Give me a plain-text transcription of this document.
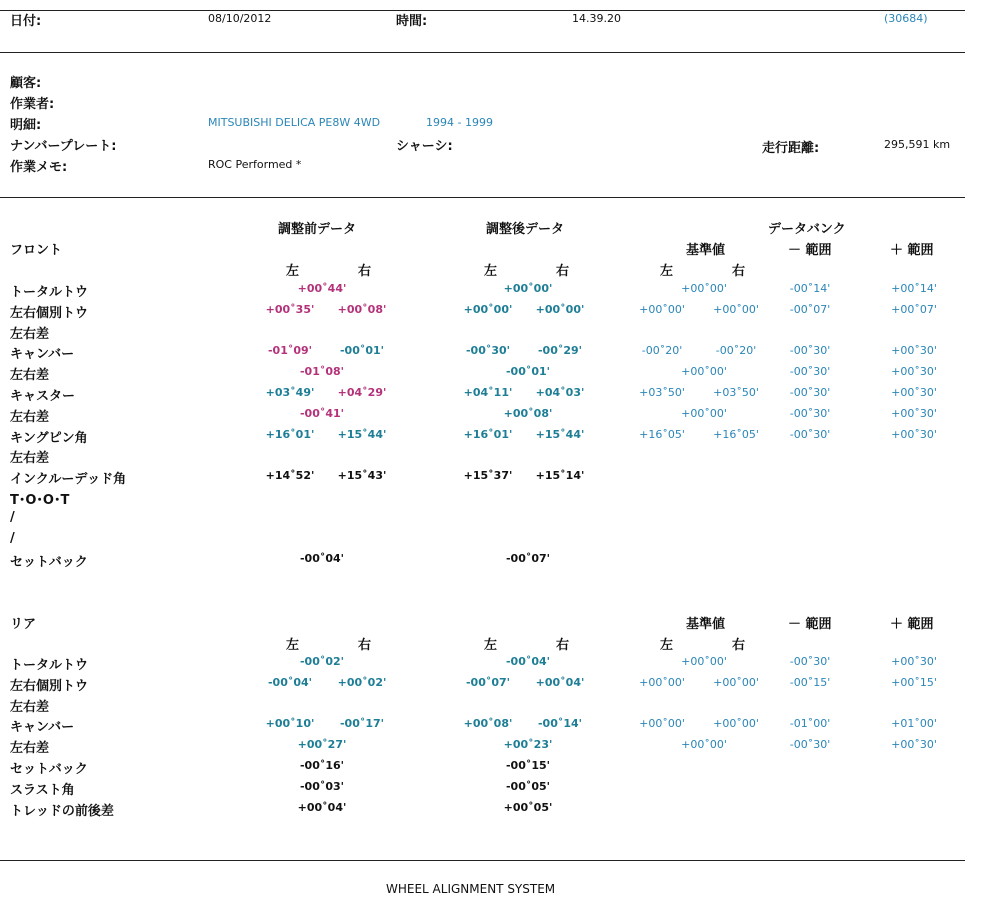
日付:	08/10/2012	時間:	14.39.20	(30684)
顧客:
作業者:
明細:	MITSUBISHI DELICA PE8W 4WD	1994 - 1999
ナンバープレート:	シャーシ:	走行距離:	295,591 km
作業メモ:	ROC Performed *
調整前データ	調整後データ	データバンク
フロント	基準値	－ 範囲	＋ 範囲
左	右	左	右	左	右
トータルトウ	+00˚44'	+00˚00'	+00˚00'	-00˚14'	+00˚14'
左右個別トウ	+00˚35' +00˚08'	+00˚00' +00˚00'	+00˚00'	+00˚00'	-00˚07'	+00˚07'
左右差
キャンバー	-01˚09'	-00˚01'	-00˚30'	-00˚29'	-00˚20'	-00˚20'	-00˚30'	+00˚30'
左右差	-01˚08'	-00˚01'	+00˚00'	-00˚30'	+00˚30'
キャスター	+03˚49' +04˚29'	+04˚11' +04˚03'	+03˚50'	+03˚50'	-00˚30'	+00˚30'
左右差	-00˚41'	+00˚08'	+00˚00'	-00˚30'	+00˚30'
キングピン角	+16˚01' +15˚44'	+16˚01' +15˚44'	+16˚05'	+16˚05'	-00˚30'	+00˚30'
左右差
インクルーデッド角	+14˚52' +15˚43'	+15˚37' +15˚14'
T･O･O･T
/
/
セットバック	-00˚04'	-00˚07'
リア	基準値	－ 範囲	＋ 範囲
左	右	左	右	左	右
トータルトウ	-00˚02'	-00˚04'	+00˚00'	-00˚30'	+00˚30'
左右個別トウ	-00˚04' +00˚02'	-00˚07' +00˚04'	+00˚00'	+00˚00'	-00˚15'	+00˚15'
左右差
キャンバー	+00˚10' -00˚17'	+00˚08' -00˚14'	+00˚00'	+00˚00'	-01˚00'	+01˚00'
左右差	+00˚27'	+00˚23'	+00˚00'	-00˚30'	+00˚30'
セットバック	-00˚16'	-00˚15'
スラスト角	-00˚03'	-00˚05'
トレッドの前後差	+00˚04'	+00˚05'
WHEEL ALIGNMENT SYSTEM
